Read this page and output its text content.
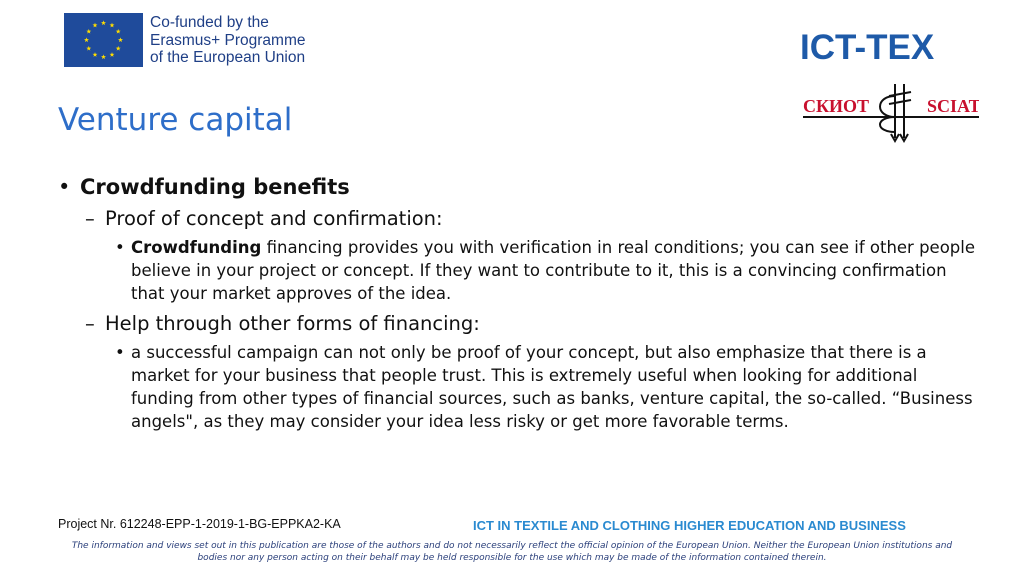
Co-funded by the
Erasmus+ Programme
of the European Union	ICT-TEX
СКИОТ	SCIAT
Venture capital
• Crowdfunding benefits
– Proof of concept and confirmation:
• Crowdfunding financing provides you with verification in real conditions; you can see if other people believe in your project or concept. If they want to contribute to it, this is a convincing confirmation that your market approves of the idea.
– Help through other forms of financing:
• a successful campaign can not only be proof of your concept, but also emphasize that there is a market for your business that people trust. This is extremely useful when looking for additional funding from other types of financial sources, such as banks, venture capital, the so-called. “Business angels", as they may consider your idea less risky or get more favorable terms.
Project Nr. 612248-EPP-1-2019-1-BG-EPPKA2-KA	ICT IN TEXTILE AND CLOTHING HIGHER EDUCATION AND BUSINESS
The information and views set out in this publication are those of the authors and do not necessarily reflect the official opinion of the European Union. Neither the European Union institutions and bodies nor any person acting on their behalf may be held responsible for the use which may be made of the information contained therein.
